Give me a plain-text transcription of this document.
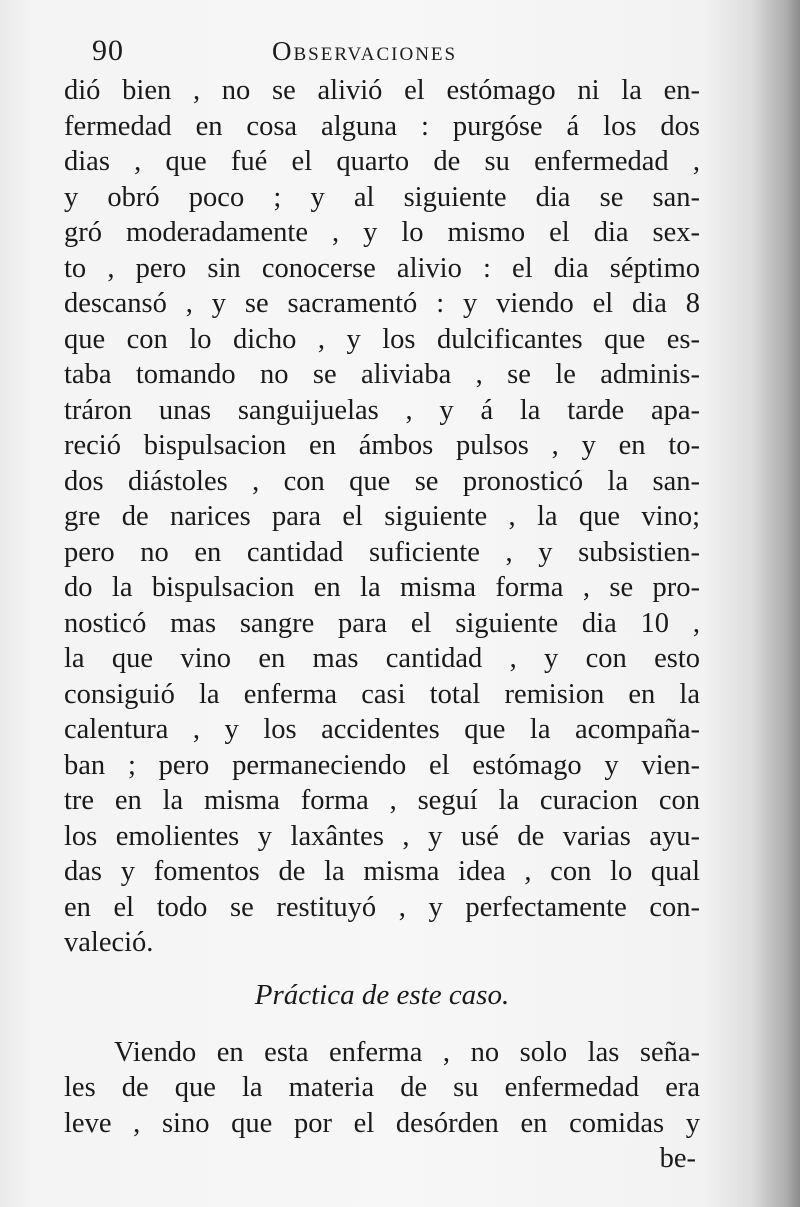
90	Observaciones
dió bien , no se alivió el estómago ni la en-
fermedad en cosa alguna : purgóse á los dos
dias , que fué el quarto de su enfermedad ,
y obró poco ; y al siguiente dia se san-
gró moderadamente , y lo mismo el dia sex-
to , pero sin conocerse alivio : el dia séptimo
descansó , y se sacramentó : y viendo el dia 8
que con lo dicho , y los dulcificantes que es-
taba tomando no se aliviaba , se le adminis-
tráron unas sanguijuelas , y á la tarde apa-
reció bispulsacion en ámbos pulsos , y en to-
dos diástoles , con que se pronosticó la san-
gre de narices para el siguiente , la que vino;
pero no en cantidad suficiente , y subsistien-
do la bispulsacion en la misma forma , se pro-
nosticó mas sangre para el siguiente dia 10 ,
la que vino en mas cantidad , y con esto
consiguió la enferma casi total remision en la
calentura , y los accidentes que la acompaña-
ban ; pero permaneciendo el estómago y vien-
tre en la misma forma , seguí la curacion con
los emolientes y laxântes , y usé de varias ayu-
das y fomentos de la misma idea , con lo qual
en el todo se restituyó , y perfectamente con-
valeció.
Práctica de este caso.
Viendo en esta enferma , no solo las seña-
les de que la materia de su enfermedad era
leve , sino que por el desórden en comidas y
be-
